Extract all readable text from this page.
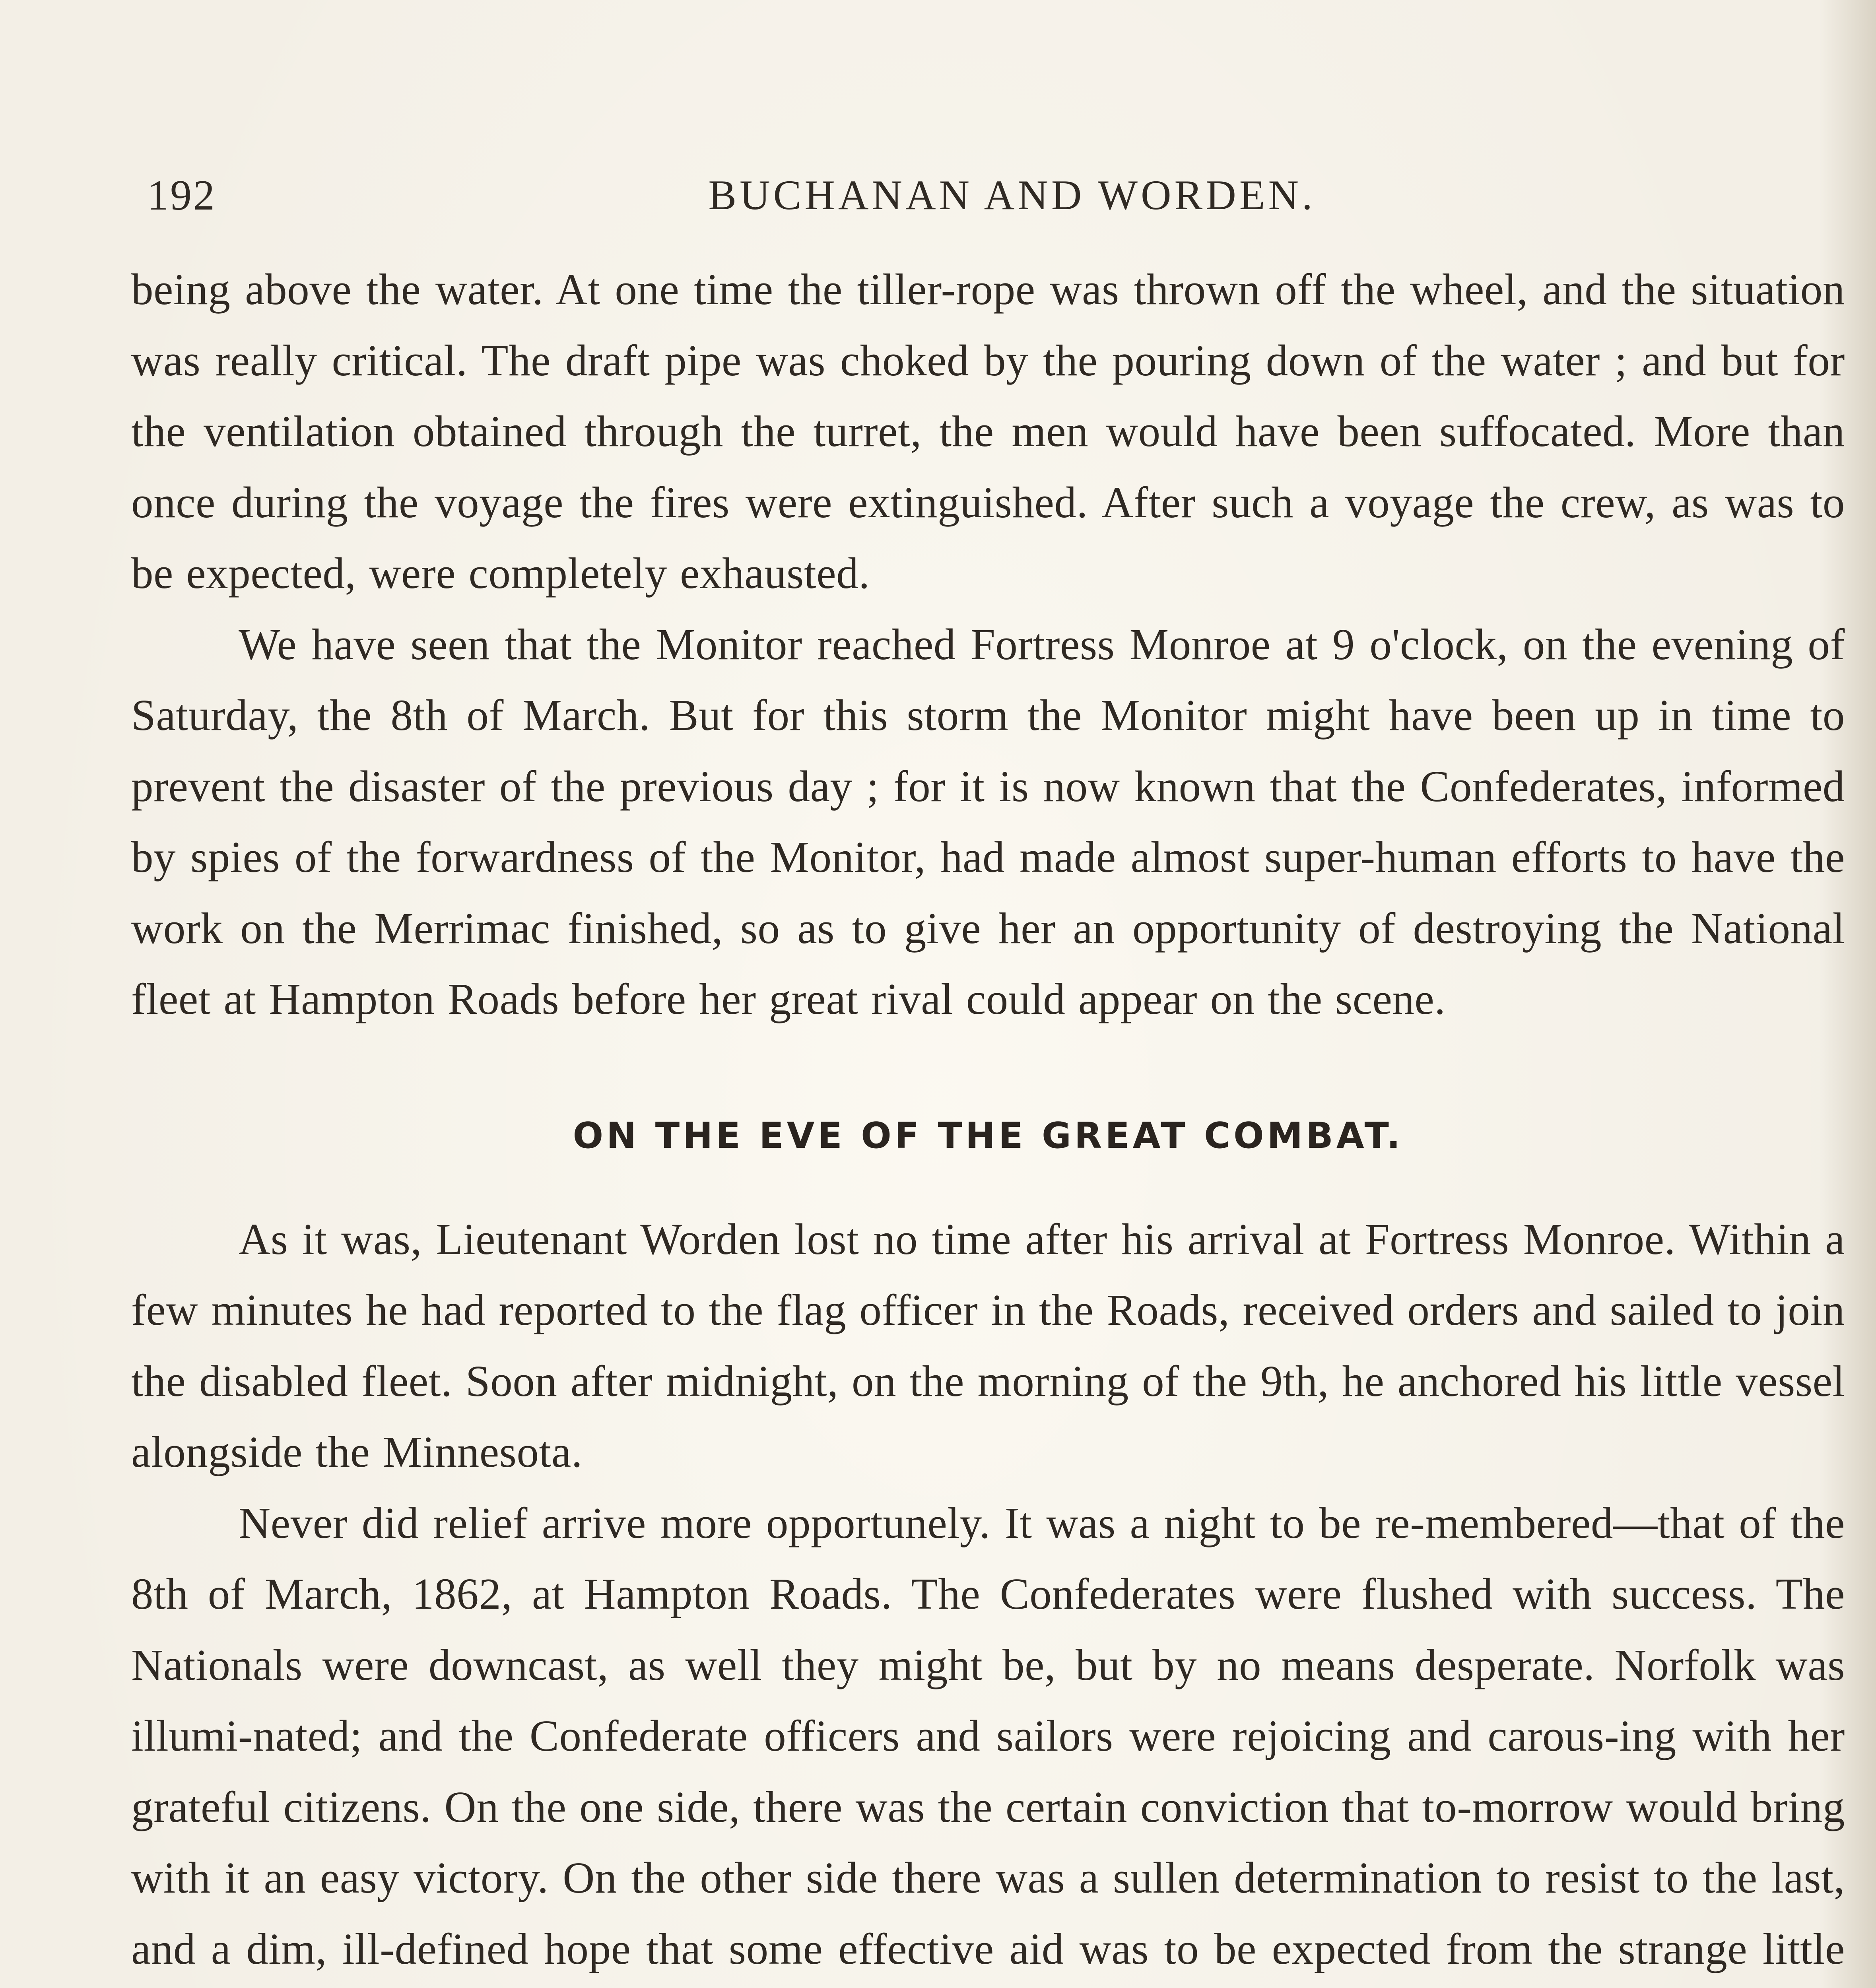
192	BUCHANAN AND WORDEN.

being above the water. At one time the tiller-rope was thrown off the wheel, and the situation was really critical. The draft pipe was choked by the pouring down of the water ; and but for the ventilation obtained through the turret, the men would have been suffocated. More than once during the voyage the fires were extinguished. After such a voyage the crew, as was to be expected, were completely exhausted.

We have seen that the Monitor reached Fortress Monroe at 9 o'clock, on the evening of Saturday, the 8th of March. But for this storm the Monitor might have been up in time to prevent the disaster of the previous day ; for it is now known that the Confederates, informed by spies of the forwardness of the Monitor, had made almost super-human efforts to have the work on the Merrimac finished, so as to give her an opportunity of destroying the National fleet at Hampton Roads before her great rival could appear on the scene.

ON THE EVE OF THE GREAT COMBAT.

As it was, Lieutenant Worden lost no time after his arrival at Fortress Monroe. Within a few minutes he had reported to the flag officer in the Roads, received orders and sailed to join the disabled fleet. Soon after midnight, on the morning of the 9th, he anchored his little vessel alongside the Minnesota.

Never did relief arrive more opportunely. It was a night to be re-membered—that of the 8th of March, 1862, at Hampton Roads. The Confederates were flushed with success. The Nationals were downcast, as well they might be, but by no means desperate. Norfolk was illumi-nated; and the Confederate officers and sailors were rejoicing and carous-ing with her grateful citizens. On the one side, there was the certain conviction that to-morrow would bring with it an easy victory. On the other side there was a sullen determination to resist to the last, and a dim, ill-defined hope that some effective aid was to be expected from the strange little
